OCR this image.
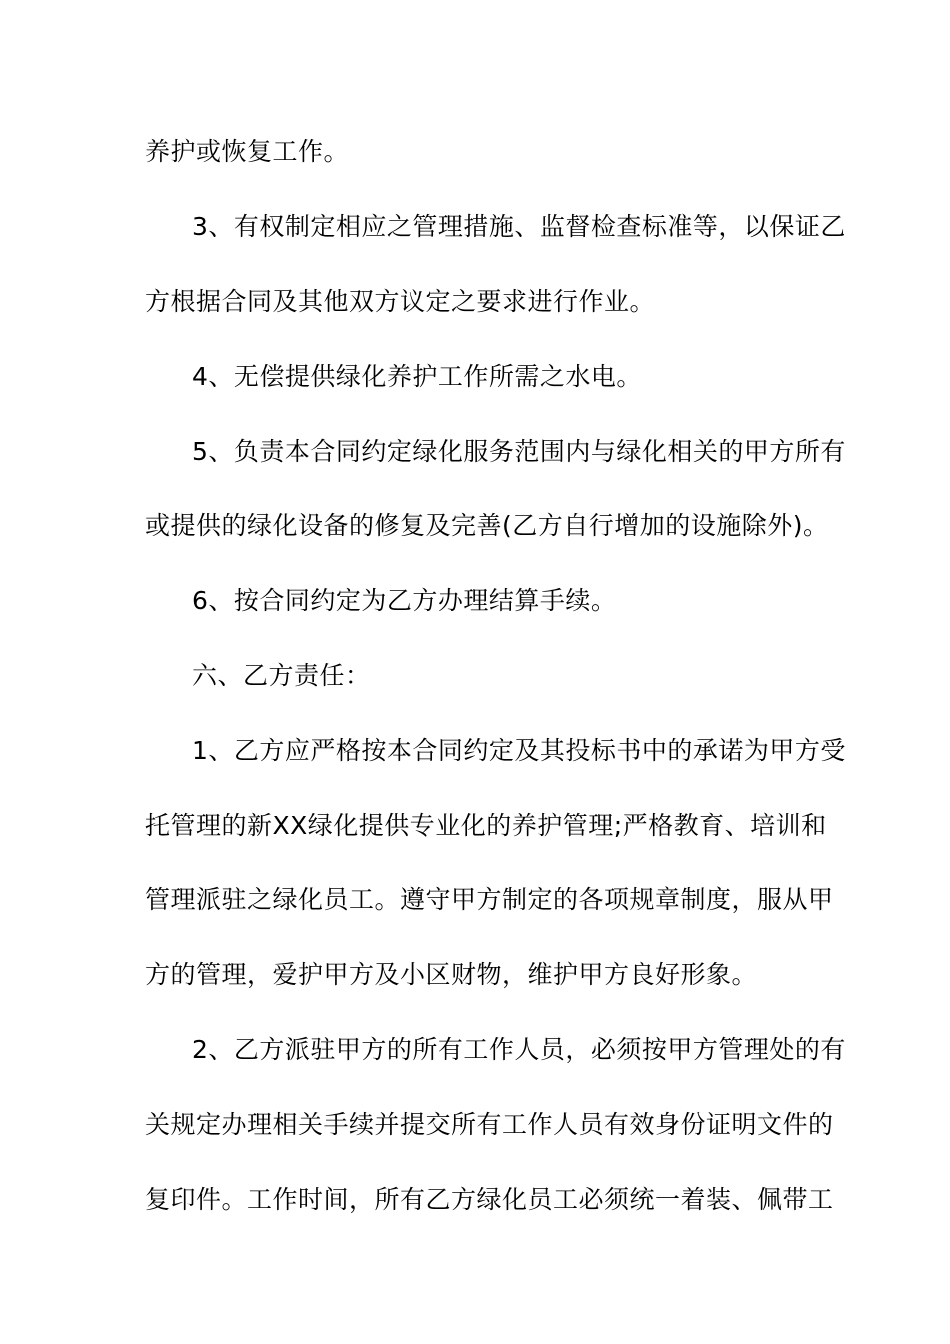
养护或恢复工作。
3、有权制定相应之管理措施、监督检查标准等，以保证乙
方根据合同及其他双方议定之要求进行作业。
4、无偿提供绿化养护工作所需之水电。
5、负责本合同约定绿化服务范围内与绿化相关的甲方所有
或提供的绿化设备的修复及完善(乙方自行增加的设施除外)。
6、按合同约定为乙方办理结算手续。
六、乙方责任：
1、乙方应严格按本合同约定及其投标书中的承诺为甲方受
托管理的新XX绿化提供专业化的养护管理;严格教育、培训和
管理派驻之绿化员工。遵守甲方制定的各项规章制度，服从甲
方的管理，爱护甲方及小区财物，维护甲方良好形象。
2、乙方派驻甲方的所有工作人员，必须按甲方管理处的有
关规定办理相关手续并提交所有工作人员有效身份证明文件的
复印件。工作时间，所有乙方绿化员工必须统一着装、佩带工
